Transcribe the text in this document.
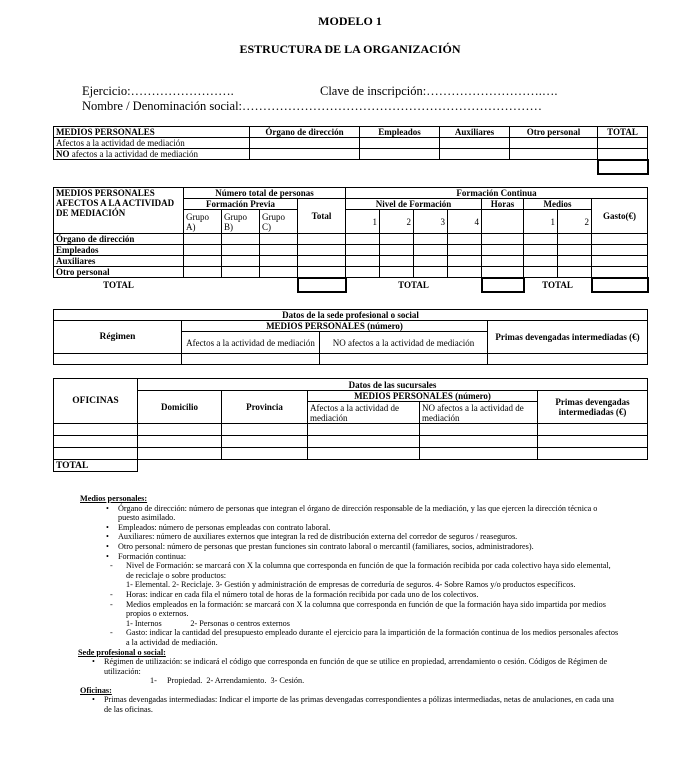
MODELO 1
ESTRUCTURA DE LA ORGANIZACIÓN
Ejercicio:…………………….	Clave de inscripción:……………………….….
Nombre / Denominación social:………………………………………………………………
MEDIOS PERSONALES	Órgano de dirección	Empleados	Auxiliares	Otro personal	TOTAL
Afectos a la actividad de mediación					
NO afectos a la actividad de mediación					

MEDIOS PERSONALES AFECTOS A LA ACTIVIDAD DE MEDIACIÓN	Número total de personas				Formación Continua							
	Formación Previa			Total	Nivel de Formación				Horas	Medios		Gasto(€)
	Grupo A)	Grupo B)	Grupo C)		1	2	3	4		1	2	
Órgano de dirección												
Empleados												
Auxiliares												
Otro personal												
TOTAL					TOTAL					TOTAL		
Datos de la sede profesional o social			
Régimen	MEDIOS PERSONALES (número)		Primas devengadas intermediadas (€)
	Afectos a la actividad de mediación	NO afectos a la actividad de mediación	

OFICINAS	Datos de las sucursales				
	Domicilio	Provincia	MEDIOS PERSONALES (número)		Primas devengadas intermediadas (€)
			Afectos a la actividad de mediación	NO afectos a la actividad de mediación	

TOTAL					
Medios personales:
• Órgano de dirección: número de personas que integran el órgano de dirección responsable de la mediación, y las que ejercen la dirección técnica o puesto asimilado.
• Empleados: número de personas empleadas con contrato laboral.
• Auxiliares: número de auxiliares externos que integran la red de distribución externa del corredor de seguros / reaseguros.
• Otro personal: número de personas que prestan funciones sin contrato laboral o mercantil (familiares, socios, administradores).
• Formación continua:
- Nivel de Formación: se marcará con X la columna que corresponda en función de que la formación recibida por cada colectivo haya sido elemental, de reciclaje o sobre productos:
1- Elemental. 2- Reciclaje. 3- Gestión y administración de empresas de correduría de seguros. 4- Sobre Ramos y/o productos específicos.
- Horas: indicar en cada fila el número total de horas de la formación recibida por cada uno de los colectivos.
- Medios empleados en la formación: se marcará con X la columna que corresponda en función de que la formación haya sido impartida por medios propios o externos.
1- Internos              2- Personas o centros externos
- Gasto: indicar la cantidad del presupuesto empleado durante el ejercicio para la impartición de la formación continua de los medios personales afectos a la actividad de mediación.
Sede profesional o social:
• Régimen de utilización: se indicará el código que corresponda en función de que se utilice en propiedad, arrendamiento o cesión. Códigos de Régimen de utilización:
1-     Propiedad.  2- Arrendamiento.  3- Cesión.
Oficinas:
• Primas devengadas intermediadas: Indicar el importe de las primas devengadas correspondientes a pólizas intermediadas, netas de anulaciones, en cada una de las oficinas.
